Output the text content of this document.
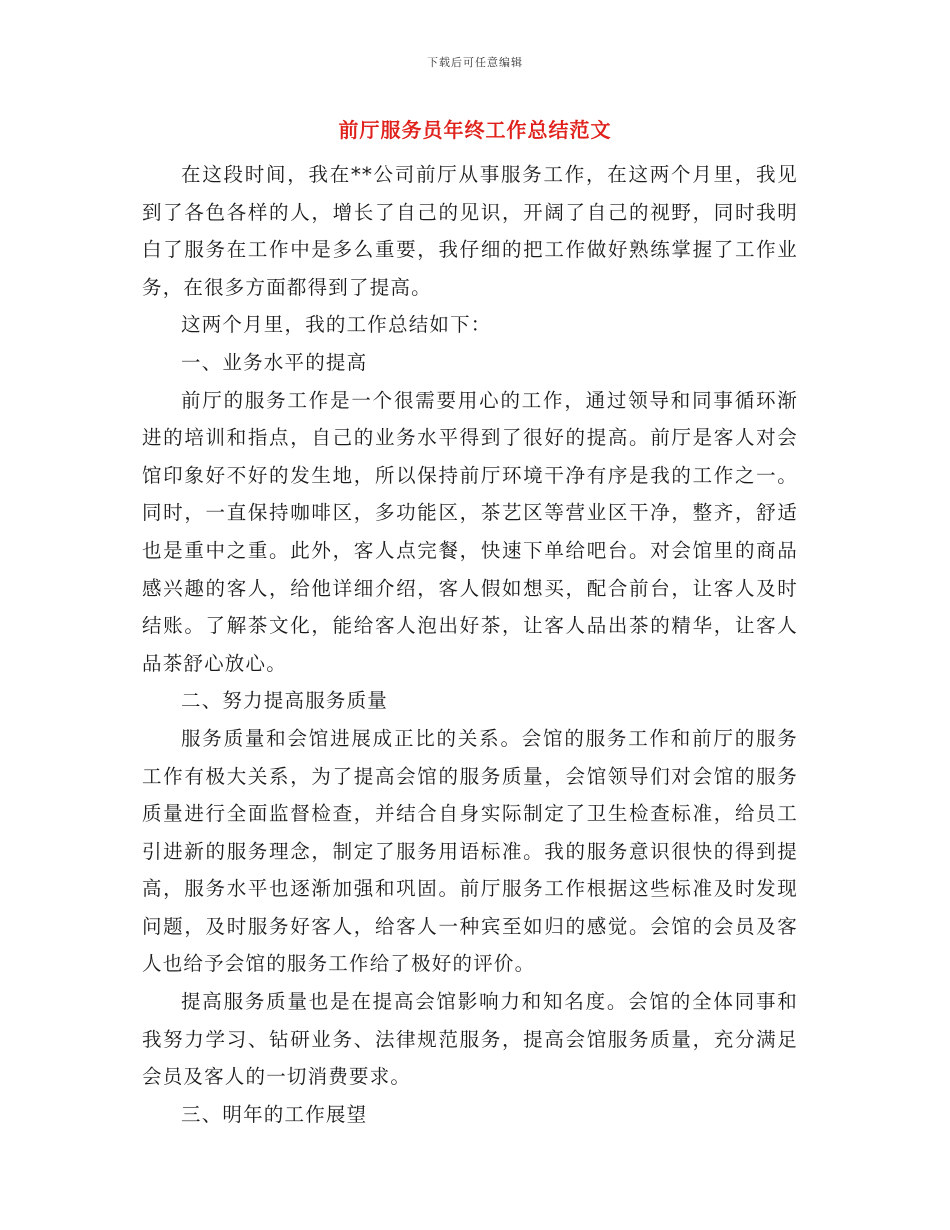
下载后可任意编辑
前厅服务员年终工作总结范文

在这段时间，我在**公司前厅从事服务工作，在这两个月里，我见到了各色各样的人，增长了自己的见识，开阔了自己的视野，同时我明白了服务在工作中是多么重要，我仔细的把工作做好熟练掌握了工作业务，在很多方面都得到了提高。

这两个月里，我的工作总结如下：

一、业务水平的提高

前厅的服务工作是一个很需要用心的工作，通过领导和同事循环渐进的培训和指点，自己的业务水平得到了很好的提高。前厅是客人对会馆印象好不好的发生地，所以保持前厅环境干净有序是我的工作之一。同时，一直保持咖啡区，多功能区，茶艺区等营业区干净，整齐，舒适也是重中之重。此外，客人点完餐，快速下单给吧台。对会馆里的商品感兴趣的客人，给他详细介绍，客人假如想买，配合前台，让客人及时结账。了解茶文化，能给客人泡出好茶，让客人品出茶的精华，让客人品茶舒心放心。

二、努力提高服务质量

服务质量和会馆进展成正比的关系。会馆的服务工作和前厅的服务工作有极大关系，为了提高会馆的服务质量，会馆领导们对会馆的服务质量进行全面监督检查，并结合自身实际制定了卫生检查标准，给员工引进新的服务理念，制定了服务用语标准。我的服务意识很快的得到提高，服务水平也逐渐加强和巩固。前厅服务工作根据这些标准及时发现问题，及时服务好客人，给客人一种宾至如归的感觉。会馆的会员及客人也给予会馆的服务工作给了极好的评价。

提高服务质量也是在提高会馆影响力和知名度。会馆的全体同事和我努力学习、钻研业务、法律规范服务，提高会馆服务质量，充分满足会员及客人的一切消费要求。

三、明年的工作展望
